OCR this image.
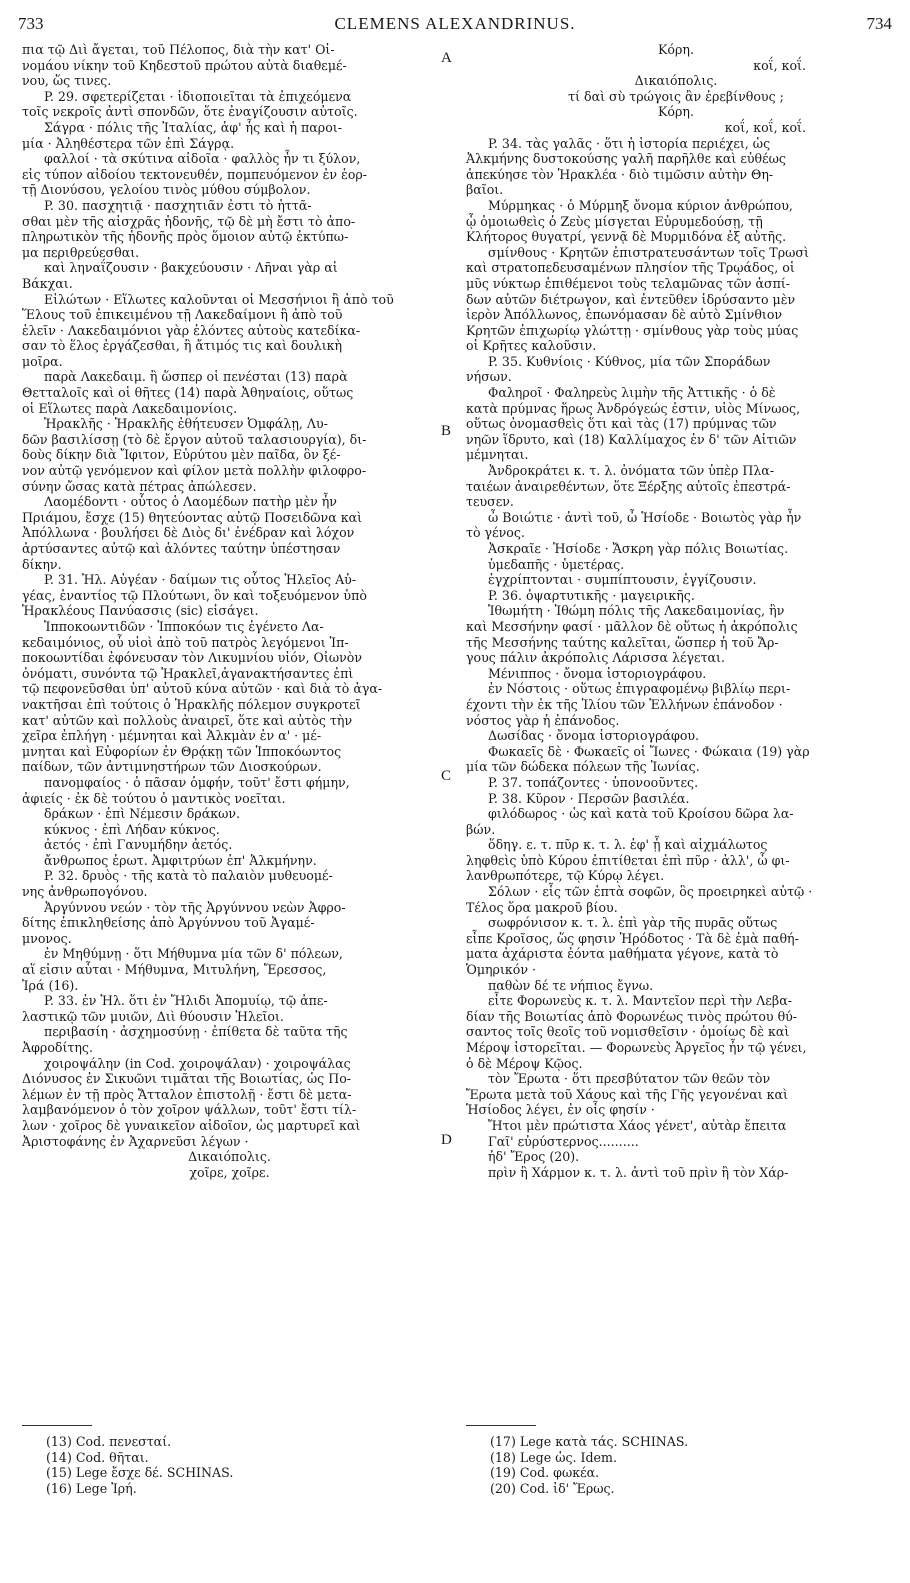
733	CLEMENS ALEXANDRINUS.	734
πια τῷ Διὶ ἄγεται, τοῦ Πέλοπος, διὰ τὴν κατ' Οἰ-
νομάου νίκην τοῦ Κηδεστοῦ πρώτου αὐτὰ διαθεμέ-
νου, ὥς τινες.
P. 29. σφετερίζεται · ἰδιοποιεῖται τὰ ἐπιχεόμενα
τοῖς νεκροῖς ἀντὶ σπονδῶν, ὅτε ἐναγίζουσιν αὐτοῖς.
Σάγρα · πόλις τῆς Ἰταλίας, ἀφ' ἧς καὶ ἡ παροι-
μία · Ἀληθέστερα τῶν ἐπὶ Σάγρᾳ.
φαλλοί · τὰ σκύτινα αἰδοῖα · φαλλὸς ἦν τι ξύλον,
εἰς τύπον αἰδοίου τεκτονευθέν, πομπευόμενον ἐν ἑορ-
τῇ Διονύσου, γελοίου τινὸς μύθου σύμβολον.
P. 30. πασχητιᾷ · πασχητιᾶν ἐστι τὸ ἡττᾶ-
σθαι μὲν τῆς αἰσχρᾶς ἡδονῆς, τῷ δὲ μὴ ἔστι τὸ ἀπο-
πληρωτικὸν τῆς ἡδονῆς πρὸς ὅμοιον αὐτῷ ἐκτύπω-
μα περιθρεύεσθαι.
καὶ ληναΐζουσιν · βακχεύουσιν · Λῆναι γὰρ αἱ
Βάκχαι.
Εἱλώτων · Εἵλωτες καλοῦνται οἱ Μεσσήνιοι ἢ ἀπὸ τοῦ
Ἕλους τοῦ ἐπικειμένου τῇ Λακεδαίμονι ἢ ἀπὸ τοῦ
ἑλεῖν · Λακεδαιμόνιοι γὰρ ἑλόντες αὐτοὺς κατεδίκα-
σαν τὸ ἕλος ἐργάζεσθαι, ἢ ἄτιμός τις καὶ δουλικὴ
μοῖρα.
παρὰ Λακεδαιμ. ἢ ὥσπερ οἱ πενέσται (13) παρὰ
Θετταλοῖς καὶ οἱ θῆτες (14) παρὰ Ἀθηναίοις, οὕτως
οἱ Εἵλωτες παρὰ Λακεδαιμονίοις.
Ἡρακλῆς · Ἡρακλῆς ἐθήτευσεν Ὀμφάλῃ, Λυ-
δῶν βασιλίσσῃ (τὸ δὲ ἔργον αὐτοῦ ταλασιουργία), δι-
δοὺς δίκην διὰ Ἴφιτον, Εὐρύτου μὲν παῖδα, ὃν ξέ-
νον αὐτῷ γενόμενον καὶ φίλον μετὰ πολλὴν φιλοφρο-
σύνην ὤσας κατὰ πέτρας ἀπώλεσεν.
Λαομέδοντι · οὗτος ὁ Λαομέδων πατὴρ μὲν ἦν
Πριάμου, ἔσχε (15) θητεύοντας αὐτῷ Ποσειδῶνα καὶ
Ἀπόλλωνα · βουλήσει δὲ Διὸς δι' ἐνέδραν καὶ λόχον
ἀρτύσαντες αὐτῷ καὶ ἁλόντες ταύτην ὑπέστησαν
δίκην.
P. 31. Ἠλ. Αὐγέαν · δαίμων τις οὗτος Ἠλεῖος Αὐ-
γέας, ἐναντίος τῷ Πλούτωνι, ὃν καὶ τοξευόμενον ὑπὸ
Ἡρακλέους Πανύασσις (sic) εἰσάγει.
Ἱπποκοωντιδῶν · Ἱπποκόων τις ἐγένετο Λα-
κεδαιμόνιος, οὗ υἱοὶ ἀπὸ τοῦ πατρὸς λεγόμενοι Ἱπ-
ποκοωντίδαι ἐφόνευσαν τὸν Λικυμνίου υἱόν, Οἰωνὸν
ὀνόματι, συνόντα τῷ Ἡρακλεῖ,ἀγανακτήσαντες ἐπὶ
τῷ πεφονεῦσθαι ὑπ' αὐτοῦ κύνα αὐτῶν · καὶ διὰ τὸ ἀγα-
νακτῆσαι ἐπὶ τούτοις ὁ Ἡρακλῆς πόλεμον συγκροτεῖ
κατ' αὐτῶν καὶ πολλοὺς ἀναιρεῖ, ὅτε καὶ αὐτὸς τὴν
χεῖρα ἐπλήγη · μέμνηται καὶ Ἀλκμὰν ἐν α' · μέ-
μνηται καὶ Εὐφορίων ἐν Θρᾴκῃ τῶν Ἱπποκόωντος
παίδων, τῶν ἀντιμνηστήρων τῶν Διοσκούρων.
πανομφαίος · ὁ πᾶσαν ὀμφήν, τοῦτ' ἔστι φήμην,
ἀφιείς · ἐκ δὲ τούτου ὁ μαντικὸς νοεῖται.
δράκων · ἐπὶ Νέμεσιν δράκων.
κύκνος · ἐπὶ Λήδαν κύκνος.
ἀετός · ἐπὶ Γανυμήδην ἀετός.
ἄνθρωπος ἐρωτ. Ἀμφιτρύων ἐπ' Ἀλκμήνην.
P. 32. δρυὸς · τῆς κατὰ τὸ παλαιὸν μυθευομέ-
νης ἀνθρωπογόνου.
Ἀργύννου νεών · τὸν τῆς Ἀργύννου νεὼν Ἀφρο-
δίτης ἐπικληθείσης ἀπὸ Ἀργύννου τοῦ Ἀγαμέ-
μνονος.
ἐν Μηθύμνῃ · ὅτι Μήθυμνα μία τῶν δ' πόλεων,
αἵ εἰσιν αὗται · Μήθυμνα, Μιτυλήνη, Ἔρεσσος,
Ἰρά (16).
P. 33. ἐν Ἠλ. ὅτι ἐν Ἤλιδι Ἀπομυίῳ, τῷ ἀπε-
λαστικῷ τῶν μυιῶν, Διὶ θύουσιν Ἠλεῖοι.
περιβασίη · ἀσχημοσύνῃ · ἐπίθετα δὲ ταῦτα τῆς
Ἀφροδίτης.
χοιροψάλην (in Cod. χοιροψάλαν) · χοιροψάλας
Διόνυσος ἐν Σικυῶνι τιμᾶται τῆς Βοιωτίας, ὡς Πο-
λέμων ἐν τῇ πρὸς Ἄτταλον ἐπιστολῇ · ἔστι δὲ μετα-
λαμβανόμενον ὁ τὸν χοῖρον ψάλλων, τοῦτ' ἔστι τίλ-
λων · χοῖρος δὲ γυναικεῖον αἰδοῖον, ὡς μαρτυρεῖ καὶ
Ἀριστοφάνης ἐν Ἀχαρνεῦσι λέγων ·
Δικαιόπολις.
χοῖρε, χοῖρε.
Κόρη.
κοΐ, κοΐ.
Δικαιόπολις.
τί δαὶ σὺ τρώγοις ἂν ἐρεβίνθους ;
Κόρη.
κοΐ, κοΐ, κοΐ.
P. 34. τὰς γαλᾶς · ὅτι ἡ ἱστορία περιέχει, ὡς
Ἀλκμήνης δυστοκούσης γαλῆ παρῆλθε καὶ εὐθέως
ἀπεκύησε τὸν Ἡρακλέα · διὸ τιμῶσιν αὐτὴν Θη-
βαῖοι.
Μύρμηκας · ὁ Μύρμηξ ὄνομα κύριον ἀνθρώπου,
ᾧ ὁμοιωθεὶς ὁ Ζεὺς μίσγεται Εὐρυμεδούσῃ, τῇ
Κλήτορος θυγατρί, γεννᾷ δὲ Μυρμιδόνα ἐξ αὐτῆς.
σμίνθους · Κρητῶν ἐπιστρατευσάντων τοῖς Τρωσὶ
καὶ στρατοπεδευσαμένων πλησίον τῆς Τρῳάδος, οἱ
μῦς νύκτωρ ἐπιθέμενοι τοὺς τελαμῶνας τῶν ἀσπί-
δων αὐτῶν διέτρωγον, καὶ ἐντεῦθεν ἱδρύσαντο μὲν
ἱερὸν Ἀπόλλωνος, ἐπωνόμασαν δὲ αὐτὸ Σμίνθιον
Κρητῶν ἐπιχωρίῳ γλώττῃ · σμίνθους γὰρ τοὺς μύας
οἱ Κρῆτες καλοῦσιν.
P. 35. Κυθνίοις · Κύθνος, μία τῶν Σποράδων
νήσων.
Φαληροῖ · Φαληρεὺς λιμὴν τῆς Ἀττικῆς · ὁ δὲ
κατὰ πρύμνας ἥρως Ἀνδρόγεώς ἐστιν, υἱὸς Μίνωος,
οὕτως ὀνομασθεὶς ὅτι καὶ τὰς (17) πρύμνας τῶν
νηῶν ἵδρυτο, καὶ (18) Καλλίμαχος ἐν δ' τῶν Αἰτιῶν
μέμνηται.
Ἀνδροκράτει κ. τ. λ. ὀνόματα τῶν ὑπὲρ Πλα-
ταιέων ἀναιρεθέντων, ὅτε Ξέρξης αὐτοῖς ἐπεστρά-
τευσεν.
ὦ Βοιώτιε · ἀντὶ τοῦ, ὦ Ἡσίοδε · Βοιωτὸς γὰρ ἦν
τὸ γένος.
Ἀσκραῖε · Ἡσίοδε · Ἄσκρη γὰρ πόλις Βοιωτίας.
ὑμεδαπῆς · ὑμετέρας.
ἐγχρίπτονται · συμπίπτουσιν, ἐγγίζουσιν.
P. 36. ὀψαρτυτικῆς · μαγειρικῆς.
Ἰθωμήτη · Ἰθώμη πόλις τῆς Λακεδαιμονίας, ἣν
καὶ Μεσσήνην φασί · μᾶλλον δὲ οὕτως ἡ ἀκρόπολις
τῆς Μεσσήνης ταύτης καλεῖται, ὥσπερ ἡ τοῦ Ἄρ-
γους πάλιν ἀκρόπολις Λάρισσα λέγεται.
Μένιππος · ὄνομα ἱστοριογράφου.
ἐν Νόστοις · οὕτως ἐπιγραφομένῳ βιβλίῳ περι-
έχοντι τὴν ἐκ τῆς Ἰλίου τῶν Ἑλλήνων ἐπάνοδον ·
νόστος γὰρ ἡ ἐπάνοδος.
Δωσίδας · ὄνομα ἱστοριογράφου.
Φωκαεῖς δὲ · Φωκαεῖς οἱ Ἴωνες · Φώκαια (19) γὰρ
μία τῶν δώδεκα πόλεων τῆς Ἰωνίας.
P. 37. τοπάζοντες · ὑπονοοῦντες.
P. 38. Κῦρον · Περσῶν βασιλέα.
φιλόδωρος · ὡς καὶ κατὰ τοῦ Κροίσου δῶρα λα-
βών.
ὅδηγ. ε. τ. πῦρ κ. τ. λ. ἐφ' ᾗ καὶ αἰχμάλωτος
ληφθεὶς ὑπὸ Κύρου ἐπιτίθεται ἐπὶ πῦρ · ἀλλ', ὦ φι-
λανθρωπότερε, τῷ Κύρῳ λέγει.
Σόλων · εἷς τῶν ἑπτὰ σοφῶν, ὃς προειρηκεὶ αὐτῷ ·
Τέλος ὅρα μακροῦ βίου.
σωφρόνισον κ. τ. λ. ἐπὶ γὰρ τῆς πυρᾶς οὕτως
εἶπε Κροῖσος, ὥς φησιν Ἡρόδοτος · Τὰ δὲ ἐμὰ παθή-
ματα ἀχάριστα ἐόντα μαθήματα γέγονε, κατὰ τὸ
Ὁμηρικόν ·
παθὼν δέ τε νήπιος ἔγνω.
εἶτε Φορωνεὺς κ. τ. λ. Μαντεῖον περὶ τὴν Λεβα-
δίαν τῆς Βοιωτίας ἀπὸ Φορωνέως τινὸς πρώτου θύ-
σαντος τοῖς θεοῖς τοῦ νομισθεῖσιν · ὁμοίως δὲ καὶ
Μέροψ ἱστορεῖται. — Φορωνεὺς Ἀργεῖος ἦν τῷ γένει,
ὁ δὲ Μέροψ Κῷος.
τὸν Ἔρωτα · ὅτι πρεσβύτατον τῶν θεῶν τὸν
Ἔρωτα μετὰ τοῦ Χάους καὶ τῆς Γῆς γεγονέναι καὶ
Ἡσίοδος λέγει, ἐν οἷς φησίν ·
Ἤτοι μὲν πρώτιστα Χάος γένετ', αὐτὰρ ἔπειτα
Γαῖ' εὐρύστερνος..........
ἠδ' Ἔρος (20).
πρὶν ἢ Χάρμον κ. τ. λ. ἀντὶ τοῦ πρὶν ἢ τὸν Χάρ-
A
B
C
D
(13) Cod. πενεσταί.
(14) Cod. θῆται.
(15) Lege ἔσχε δέ. SCHINAS.
(16) Lege Ἰρή.
(17) Lege κατὰ τάς. SCHINAS.
(18) Lege ὡς. Idem.
(19) Cod. φωκέα.
(20) Cod. ἰδ' Ἔρως.
